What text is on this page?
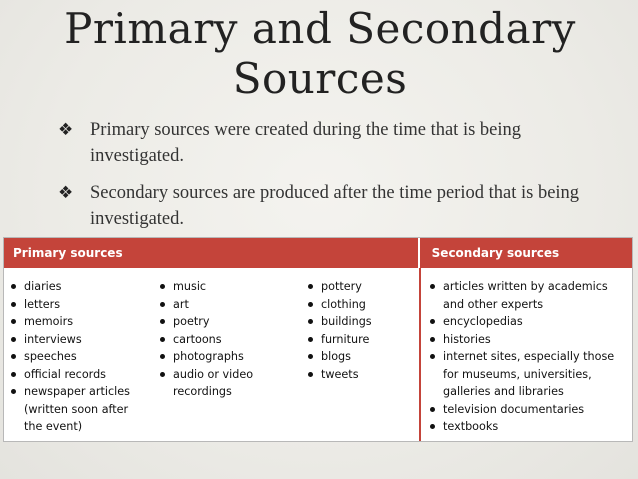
Primary and Secondary Sources
❖ Primary sources were created during the time that is being investigated.
❖ Secondary sources are produced after the time period that is being investigated.
Primary sources	Secondary sources
diaries
letters
memoirs
interviews
speeches
official records
newspaper articles (written soon after the event)
music
art
poetry
cartoons
photographs
audio or video recordings
pottery
clothing
buildings
furniture
blogs
tweets
articles written by academics and other experts
encyclopedias
histories
internet sites, especially those for museums, universities, galleries and libraries
television documentaries
textbooks
